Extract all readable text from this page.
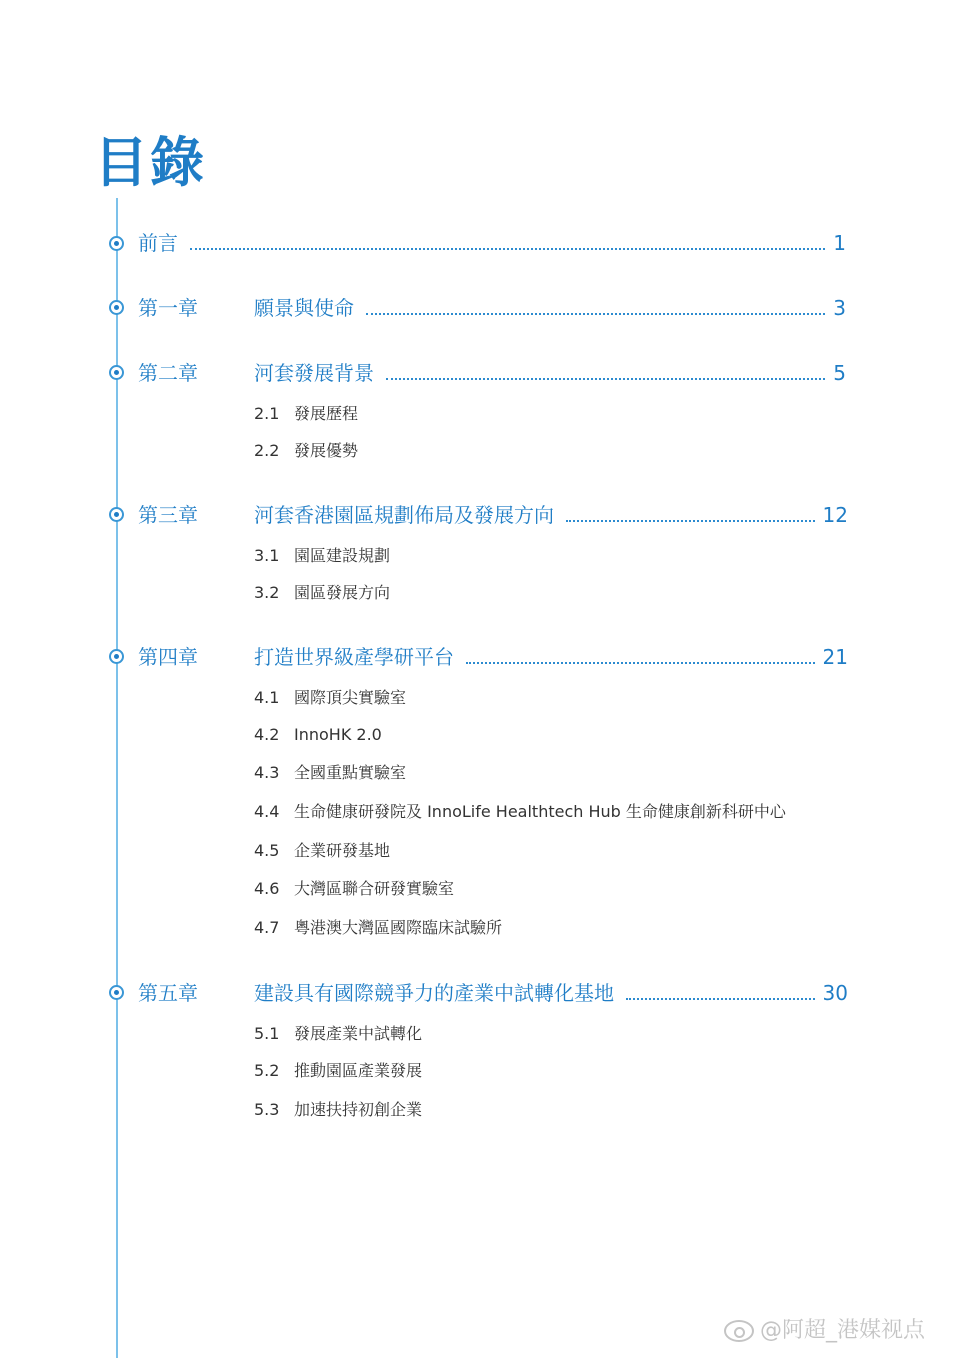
目錄
前言	1
第一章	願景與使命	3
第二章	河套發展背景	5
2.1 發展歷程
2.2 發展優勢
第三章	河套香港園區規劃佈局及發展方向	12
3.1 園區建設規劃
3.2 園區發展方向
第四章	打造世界級產學研平台	21
4.1 國際頂尖實驗室
4.2 InnoHK 2.0
4.3 全國重點實驗室
4.4 生命健康研發院及 InnoLife Healthtech Hub 生命健康創新科研中心
4.5 企業研發基地
4.6 大灣區聯合研發實驗室
4.7 粵港澳大灣區國際臨床試驗所
第五章	建設具有國際競爭力的產業中試轉化基地	30
5.1 發展產業中試轉化
5.2 推動園區產業發展
5.3 加速扶持初創企業
@阿超_港媒视点
